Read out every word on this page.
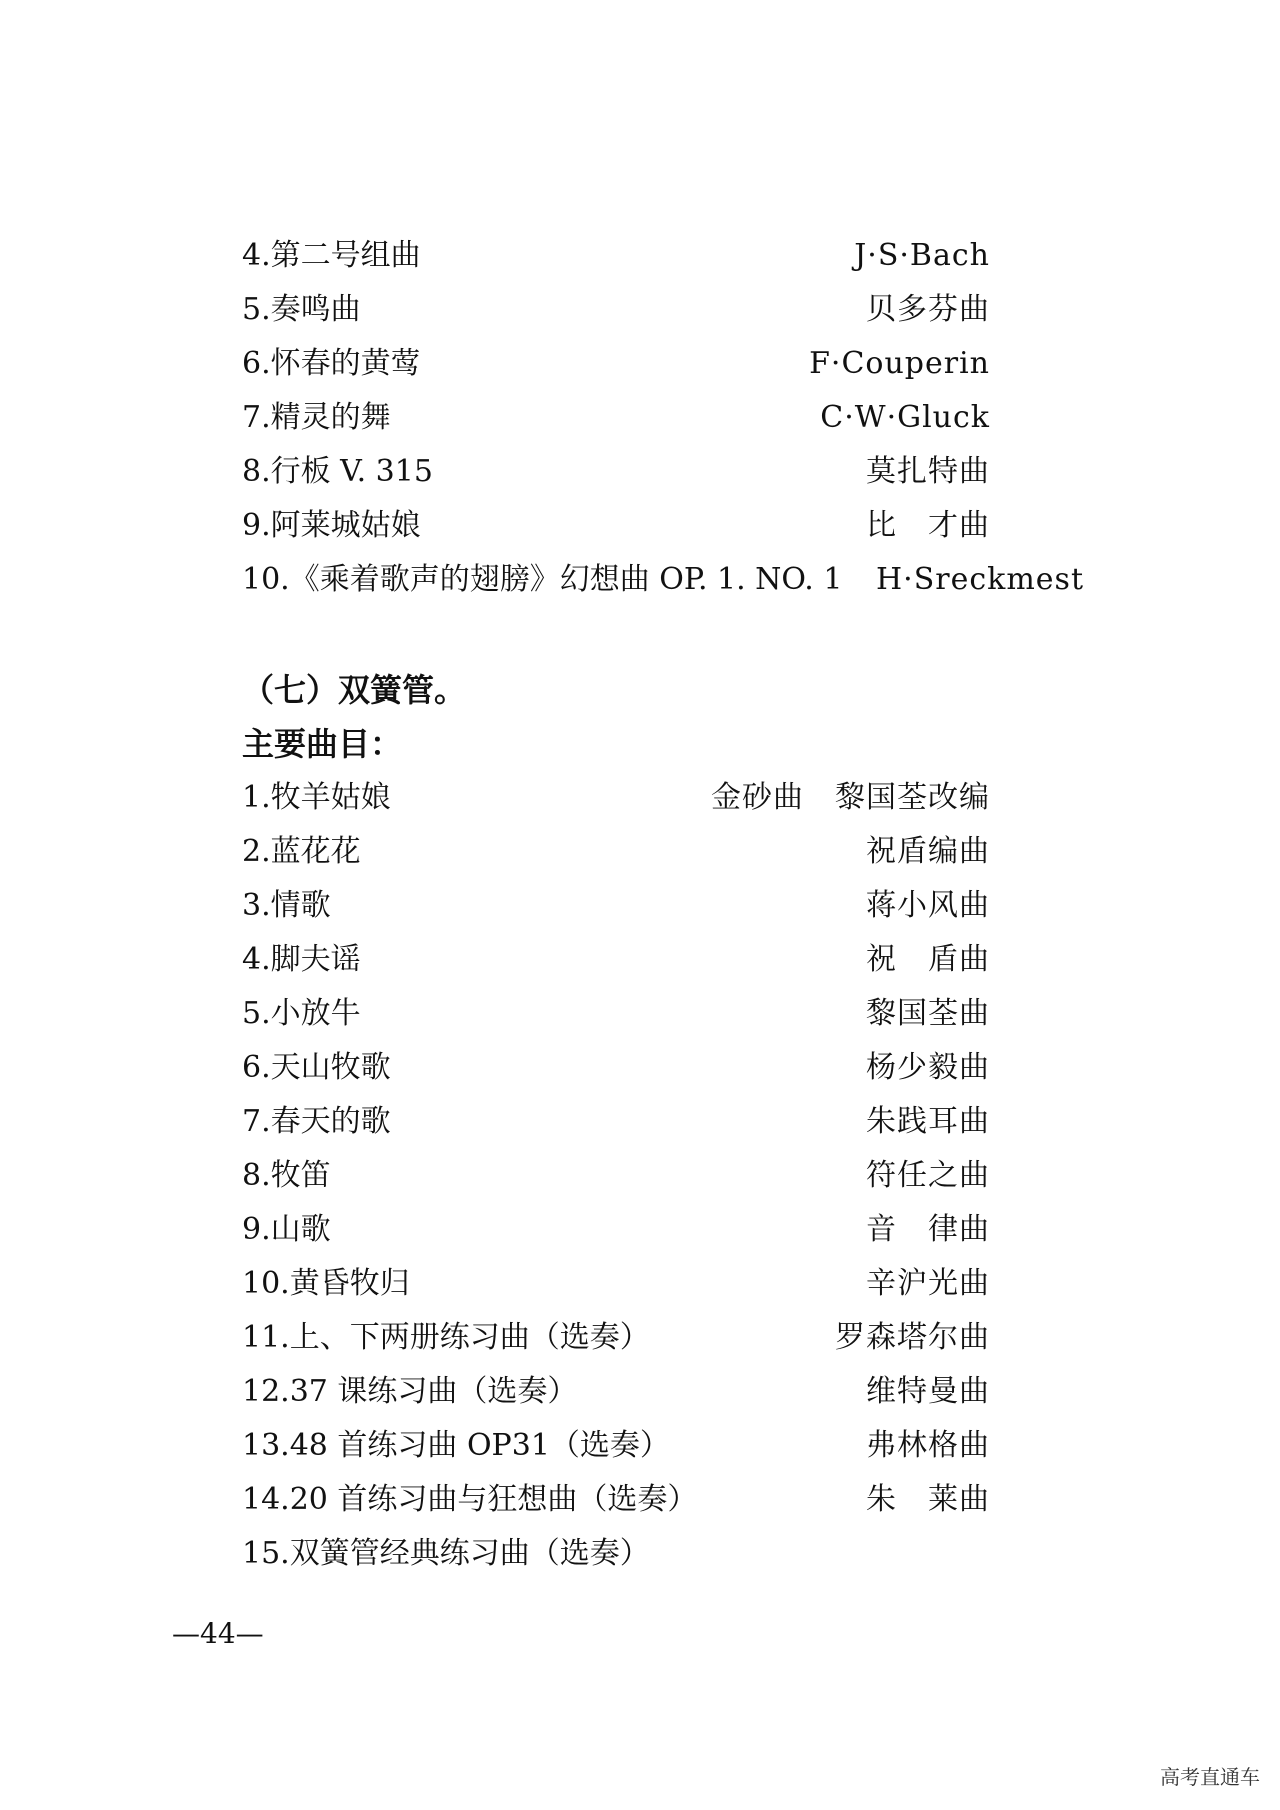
4.第二号组曲	J·S·Bach
5.奏鸣曲	贝多芬曲
6.怀春的黄莺	F·Couperin
7.精灵的舞	C·W·Gluck
8.行板 V. 315	莫扎特曲
9.阿莱城姑娘	比　才曲
10.《乘着歌声的翅膀》幻想曲 OP. 1. NO. 1 H·Sreckmest
（七）双簧管。
主要曲目：
1.牧羊姑娘	金砂曲　黎国荃改编
2.蓝花花	祝盾编曲
3.情歌	蒋小风曲
4.脚夫谣	祝　盾曲
5.小放牛	黎国荃曲
6.天山牧歌	杨少毅曲
7.春天的歌	朱践耳曲
8.牧笛	符任之曲
9.山歌	音　律曲
10.黄昏牧归	辛沪光曲
11.上、下两册练习曲（选奏）	罗森塔尔曲
12.37 课练习曲（选奏）	维特曼曲
13.48 首练习曲 OP31（选奏）	弗林格曲
14.20 首练习曲与狂想曲（选奏）	朱　莱曲
15.双簧管经典练习曲（选奏）
—44—
高考直通车
